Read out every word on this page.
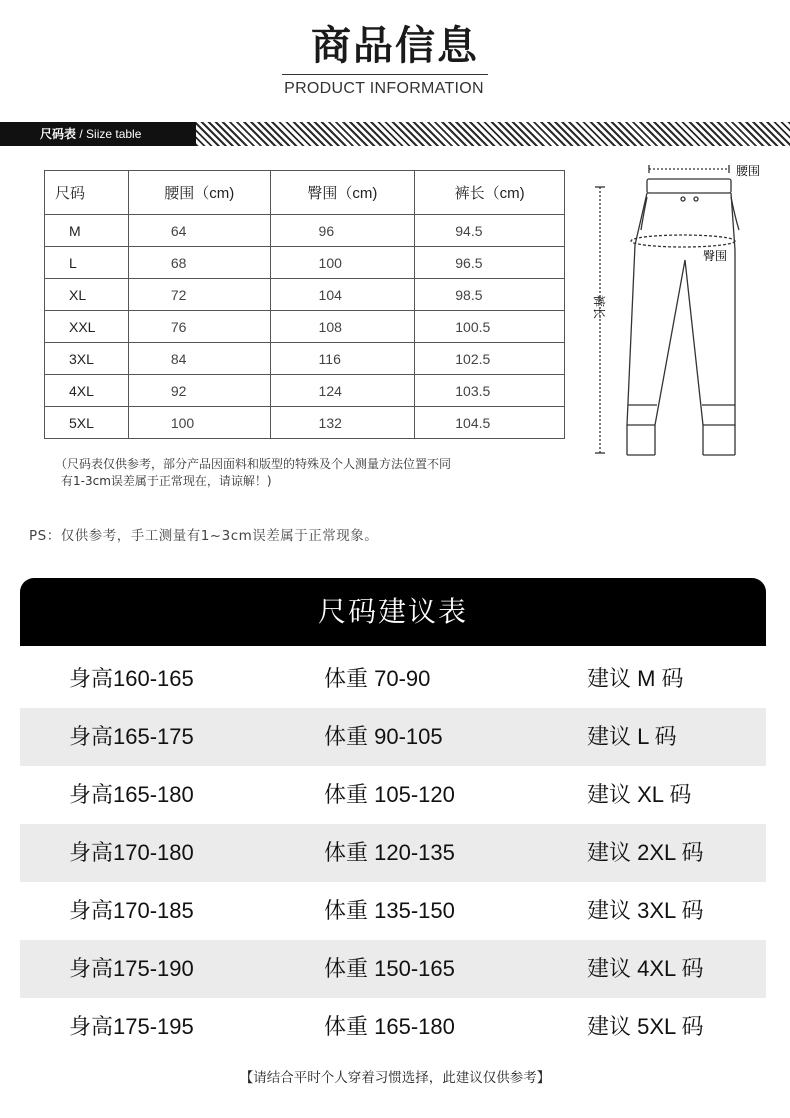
商品信息
PRODUCT INFORMATION
尺码表 / Siize table
尺码	腰围（cm)	臀围（cm)	裤长（cm)
M	64	96	94.5
L	68	100	96.5
XL	72	104	98.5
XXL	76	108	100.5
3XL	84	116	102.5
4XL	92	124	103.5
5XL	100	132	104.5
（尺码表仅供参考，部分产品因面料和版型的特殊及个人测量方法位置不同
有1-3cm误差属于正常现在，请谅解！)
PS：仅供参考，手工测量有1~3cm误差属于正常现象。
腰围
臀围
裤长
尺码建议表
身高160-165	体重 70-90	建议 M 码
身高165-175	体重 90-105	建议 L 码
身高165-180	体重 105-120	建议 XL 码
身高170-180	体重 120-135	建议 2XL 码
身高170-185	体重 135-150	建议 3XL 码
身高175-190	体重 150-165	建议 4XL 码
身高175-195	体重 165-180	建议 5XL 码
【请结合平时个人穿着习惯选择，此建议仅供参考】
